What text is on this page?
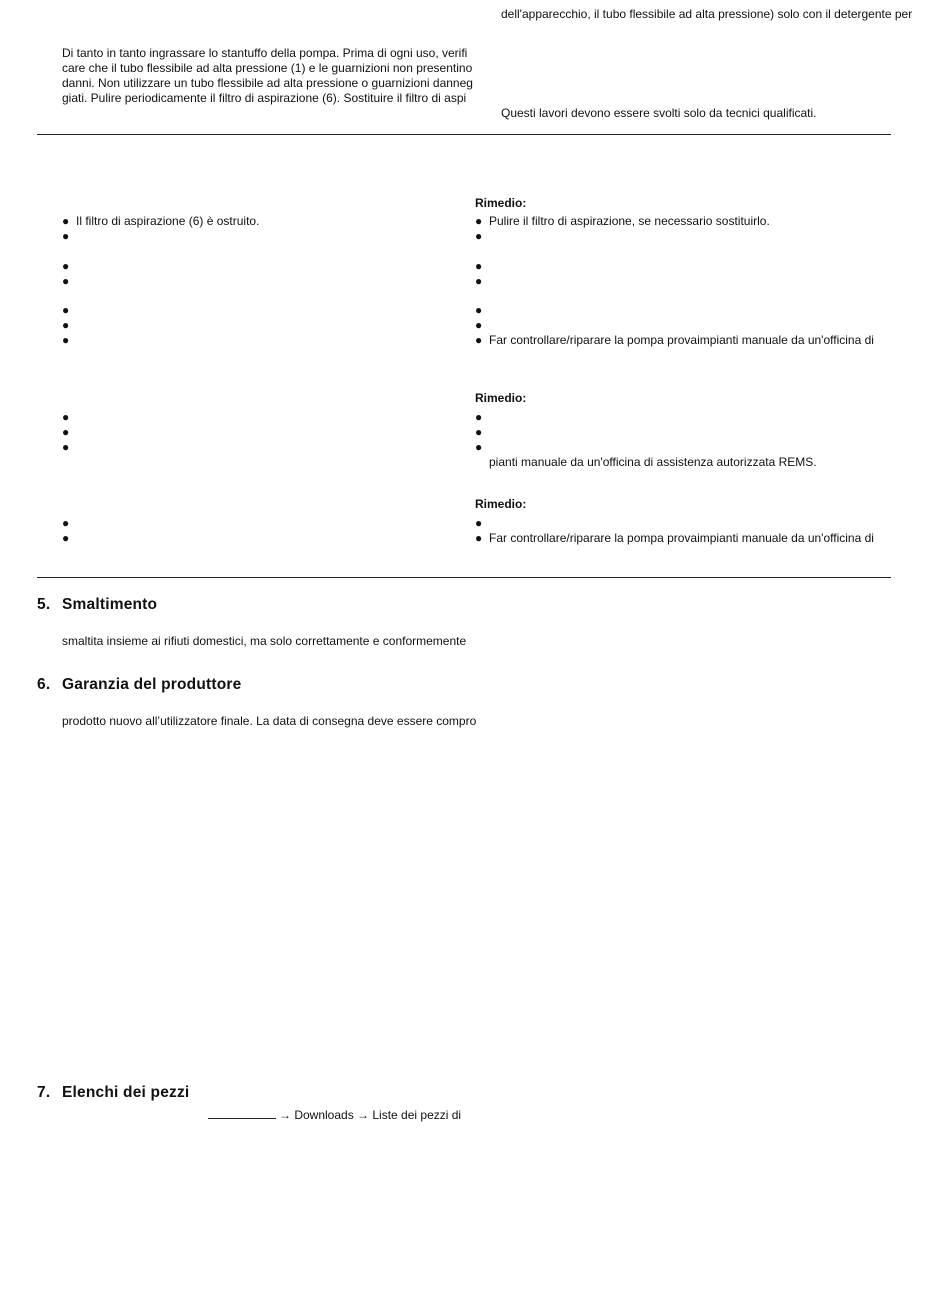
dell'apparecchio, il tubo flessibile ad alta pressione) solo con il detergente per
Di tanto in tanto ingrassare lo stantuffo della pompa. Prima di ogni uso, verifi
care che il tubo flessibile ad alta pressione (1) e le guarnizioni non presentino
danni. Non utilizzare un tubo flessibile ad alta pressione o guarnizioni danneg
giati. Pulire periodicamente il filtro di aspirazione (6). Sostituire il filtro di aspi
Questi lavori devono essere svolti solo da tecnici qualificati.
Rimedio:
● Il filtro di aspirazione (6) è ostruito.
●
●
●
●
●
●
● Pulire il filtro di aspirazione, se necessario sostituirlo.
●
●
●
●
●
● Far controllare/riparare la pompa provaimpianti manuale da un'officina di
Rimedio:
●
●
●
●
●
●
pianti manuale da un'officina di assistenza autorizzata REMS.
Rimedio:
●
●
●
● Far controllare/riparare la pompa provaimpianti manuale da un'officina di
5. Smaltimento
smaltita insieme ai rifiuti domestici, ma solo correttamente e conformemente
6. Garanzia del produttore
prodotto nuovo all’utilizzatore finale. La data di consegna deve essere compro
7. Elenchi dei pezzi
→ Downloads → Liste dei pezzi di
